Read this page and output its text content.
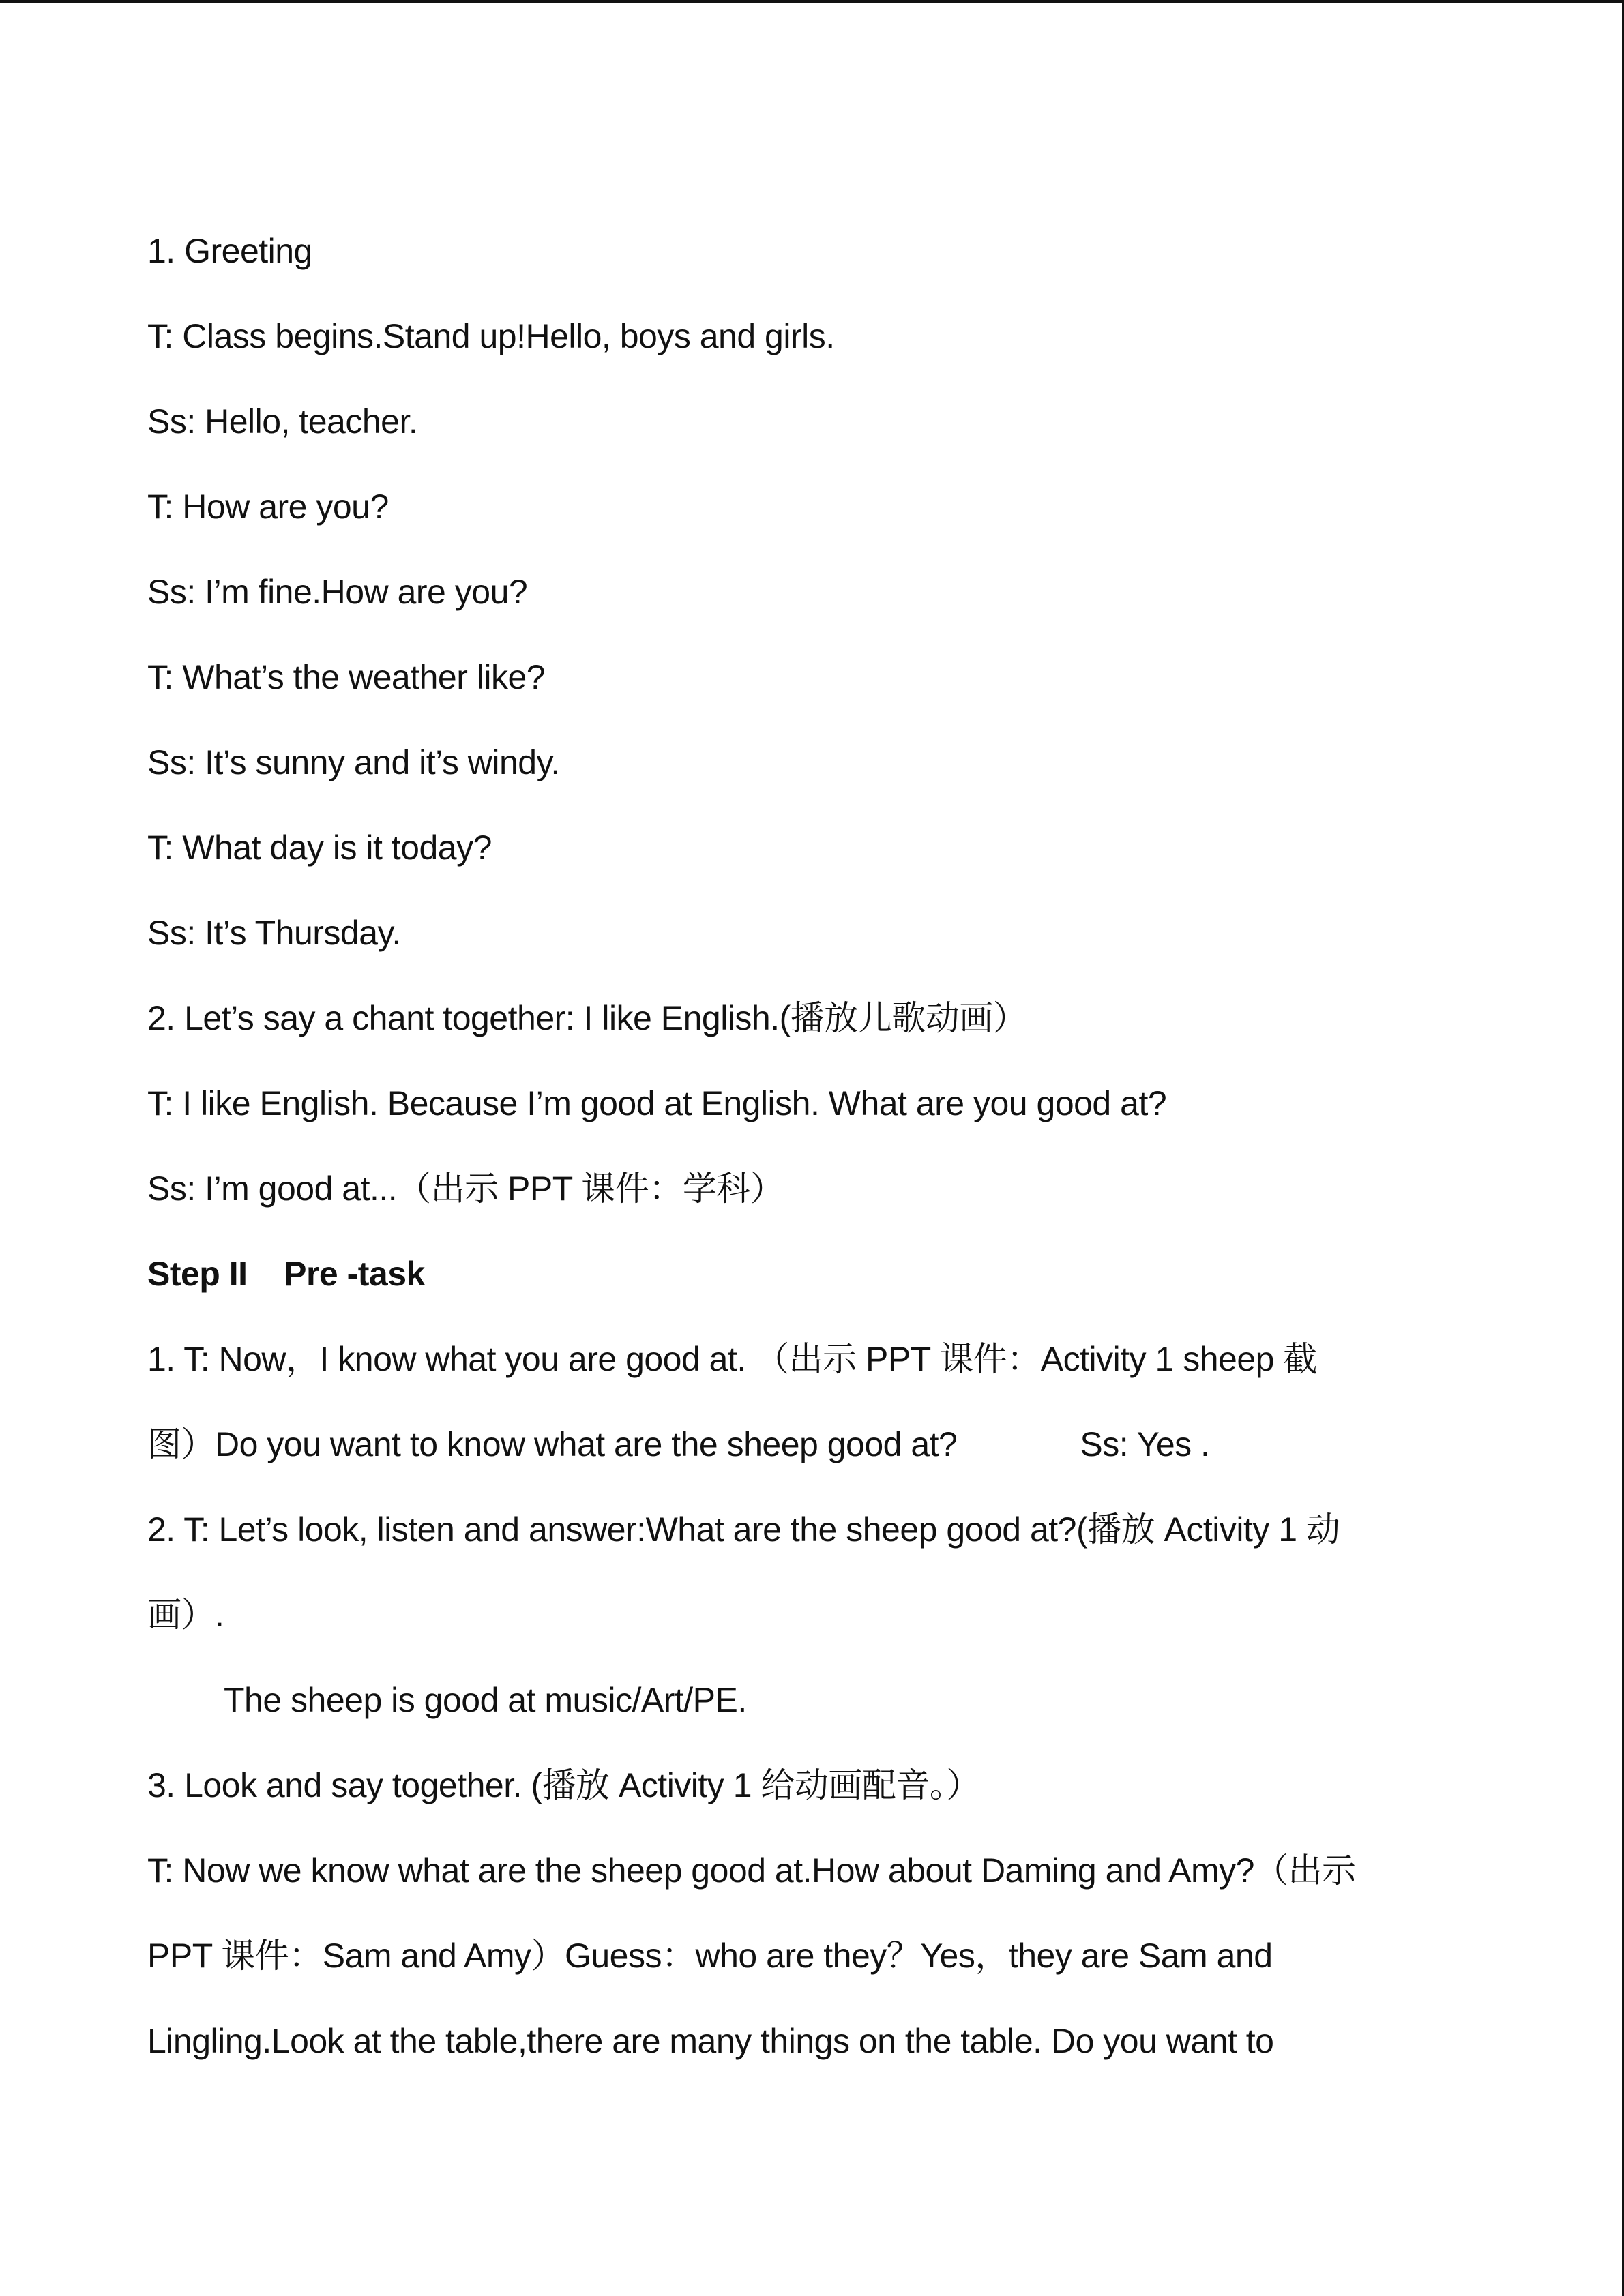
1. Greeting
T: Class begins.Stand up!Hello, boys and girls.
Ss: Hello, teacher.
T: How are you?
Ss: I’m fine.How are you?
T: What’s the weather like?
Ss: It’s sunny and it’s windy.
T: What day is it today?
Ss: It’s Thursday.
2. Let’s say a chant together: I like English.(播放儿歌动画）
T: I like English. Because I’m good at English. What are you good at?
Ss: I’m good at...（出示 PPT 课件：学科）
Step II    Pre -task
1. T: Now，I know what you are good at. （出示 PPT 课件：Activity 1 sheep 截
图）Do you want to know what are the sheep good at?	Ss: Yes .
2. T: Let’s look, listen and answer:What are the sheep good at?(播放 Activity 1 动
画）.
The sheep is good at music/Art/PE.
3. Look and say together. (播放 Activity 1 给动画配音。）
T: Now we know what are the sheep good at.How about Daming and Amy?（出示
PPT 课件：Sam and Amy）Guess：who are they？Yes，they are Sam and
Lingling.Look at the table,there are many things on the table. Do you want to
